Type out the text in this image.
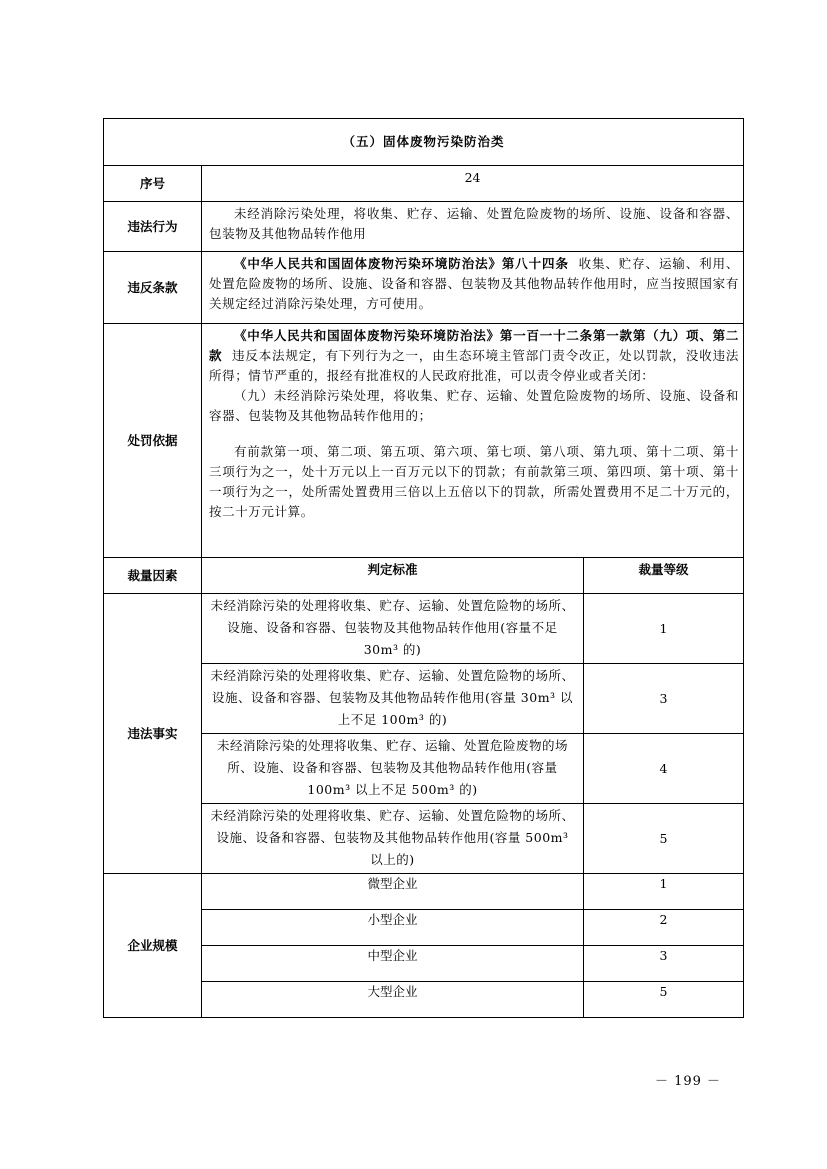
（五）固体废物污染防治类		
序号	24	
违法行为	未经消除污染处理，将收集、贮存、运输、处置危险废物的场所、设施、设备和容器、包装物及其他物品转作他用	

违反条款	《中华人民共和国固体废物污染环境防治法》第八十四条 收集、贮存、运输、利用、处置危险废物的场所、设施、设备和容器、包装物及其他物品转作他用时，应当按照国家有关规定经过消除污染处理，方可使用。	

处罚依据	《中华人民共和国固体废物污染环境防治法》第一百一十二条第一款第（九）项、第二款 违反本法规定，有下列行为之一，由生态环境主管部门责令改正，处以罚款，没收违法所得；情节严重的，报经有批准权的人民政府批准，可以责令停业或者关闭：

（九）未经消除污染处理，将收集、贮存、运输、处置危险废物的场所、设施、设备和容器、包装物及其他物品转作他用的；

有前款第一项、第二项、第五项、第六项、第七项、第八项、第九项、第十二项、第十三项行为之一，处十万元以上一百万元以下的罚款；有前款第三项、第四项、第十项、第十一项行为之一，处所需处置费用三倍以上五倍以下的罚款，所需处置费用不足二十万元的，按二十万元计算。	

裁量因素	判定标准	裁量等级
违法事实	未经消除污染的处理将收集、贮存、运输、处置危险物的场所、设施、设备和容器、包装物及其他物品转作他用(容量不足 30m³ 的)	1
	未经消除污染的处理将收集、贮存、运输、处置危险物的场所、设施、设备和容器、包装物及其他物品转作他用(容量 30m³ 以上不足 100m³ 的)	3
	未经消除污染的处理将收集、贮存、运输、处置危险废物的场所、设施、设备和容器、包装物及其他物品转作他用(容量 100m³ 以上不足 500m³ 的)	4
	未经消除污染的处理将收集、贮存、运输、处置危险物的场所、设施、设备和容器、包装物及其他物品转作他用(容量 500m³ 以上的)	5
企业规模	微型企业	1
	小型企业	2
	中型企业	3
	大型企业	5
－ 199 －
